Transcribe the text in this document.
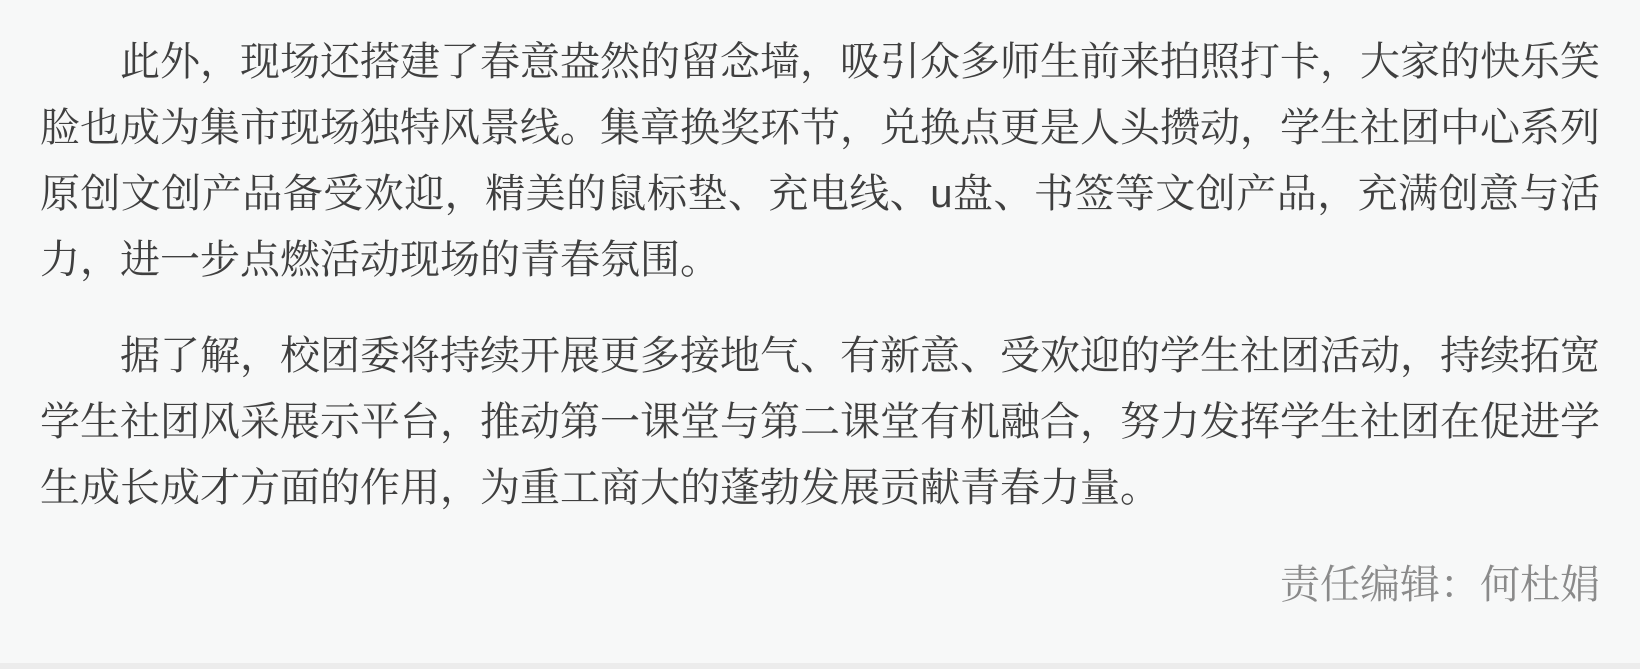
此外，现场还搭建了春意盎然的留念墙，吸引众多师生前来拍照打卡，大家的快乐笑脸也成为集市现场独特风景线。集章换奖环节，兑换点更是人头攒动，学生社团中心系列原创文创产品备受欢迎，精美的鼠标垫、充电线、u盘、书签等文创产品，充满创意与活力，进一步点燃活动现场的青春氛围。

据了解，校团委将持续开展更多接地气、有新意、受欢迎的学生社团活动，持续拓宽学生社团风采展示平台，推动第一课堂与第二课堂有机融合，努力发挥学生社团在促进学生成长成才方面的作用，为重工商大的蓬勃发展贡献青春力量。

责任编辑：何杜娟
